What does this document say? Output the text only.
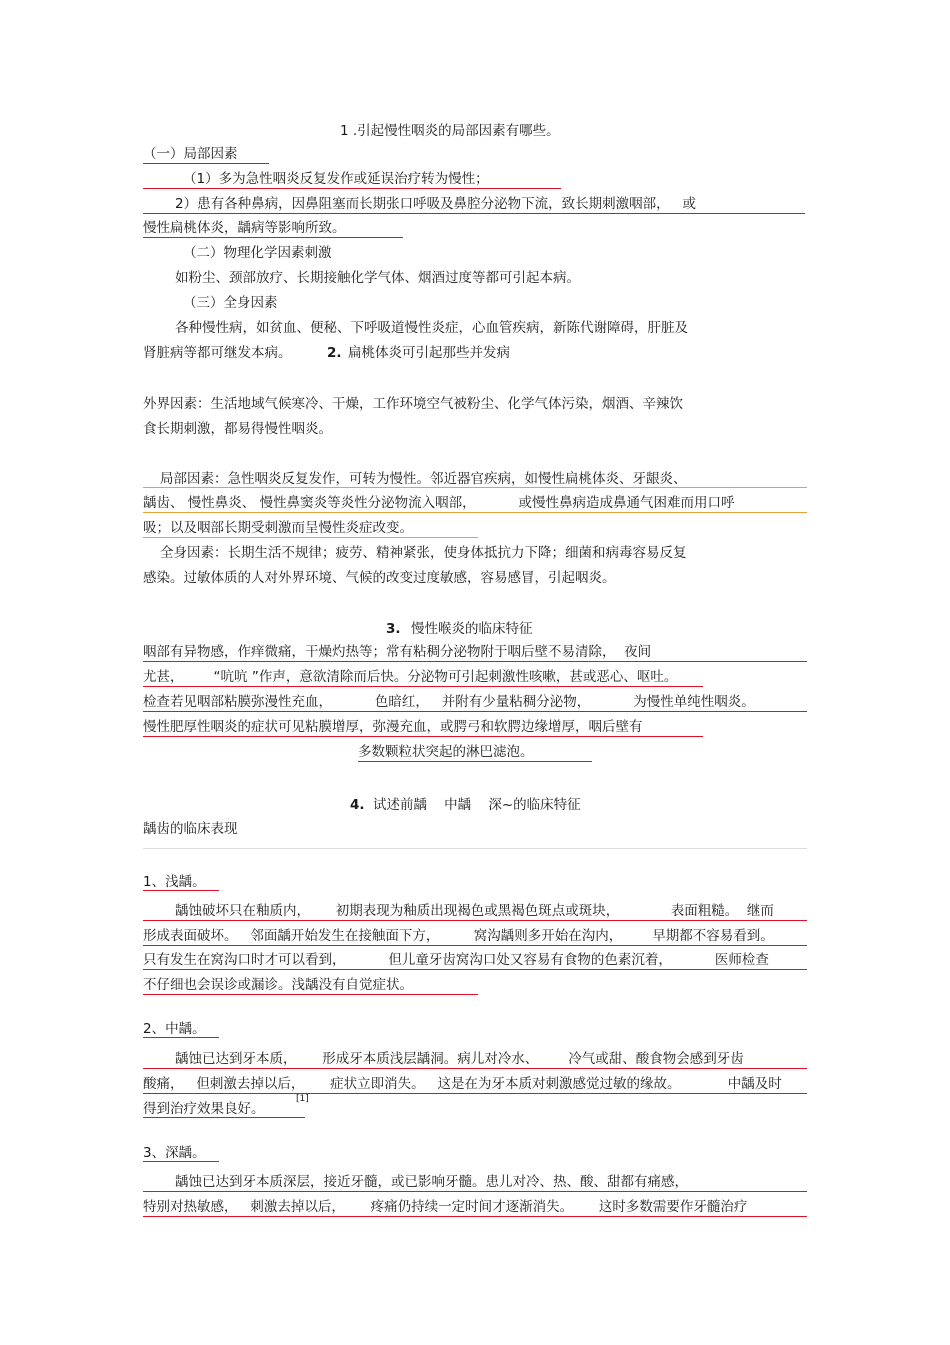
1 .引起慢性咽炎的局部因素有哪些。
（一）局部因素
（1）多为急性咽炎反复发作或延误治疗转为慢性；
2）患有各种鼻病，因鼻阻塞而长期张口呼吸及鼻腔分泌物下流，致长期刺激咽部，   或
慢性扁桃体炎，龋病等影响所致。
（二）物理化学因素刺激
如粉尘、颈部放疗、长期接触化学气体、烟酒过度等都可引起本病。
（三）全身因素
各种慢性病，如贫血、便秘、下呼吸道慢性炎症，心血管疾病，新陈代谢障碍，肝脏及
肾脏病等都可继发本病。	2. 扁桃体炎可引起那些并发病
外界因素：生活地域气候寒冷、干燥，工作环境空气被粉尘、化学气体污染，烟酒、辛辣饮
食长期刺激，都易得慢性咽炎。
局部因素：急性咽炎反复发作，可转为慢性。邻近器官疾病，如慢性扁桃体炎、牙龈炎、
龋齿、 慢性鼻炎、 慢性鼻窦炎等炎性分泌物流入咽部，          或慢性鼻病造成鼻通气困难而用口呼
吸；以及咽部长期受刺激而呈慢性炎症改变。
全身因素：长期生活不规律；疲劳、精神紧张，使身体抵抗力下降；细菌和病毒容易反复
感染。过敏体质的人对外界环境、气候的改变过度敏感，容易感冒，引起咽炎。
3. 慢性喉炎的临床特征
咽部有异物感，作痒微痛，干燥灼热等；常有粘稠分泌物附于咽后壁不易清除，  夜间
尤甚，       “吭吭 ”作声，意欲清除而后快。分泌物可引起刺激性咳嗽，甚或恶心、呕吐。
检查若见咽部粘膜弥漫性充血，          色暗红，   并附有少量粘稠分泌物，          为慢性单纯性咽炎。
慢性肥厚性咽炎的症状可见粘膜增厚，弥漫充血，或腭弓和软腭边缘增厚，咽后壁有
多数颗粒状突起的淋巴滤泡。
4. 试述前龋    中龋    深~的临床特征
龋齿的临床表现
1、浅龋。
龋蚀破坏只在釉质内，      初期表现为釉质出现褐色或黑褐色斑点或斑块，            表面粗糙。  继而
形成表面破坏。   邻面龋开始发生在接触面下方，        窝沟龋则多开始在沟内，       早期都不容易看到。
只有发生在窝沟口时才可以看到，          但儿童牙齿窝沟口处又容易有食物的色素沉着，          医师检查
不仔细也会误诊或漏诊。浅龋没有自觉症状。
2、中龋。
龋蚀已达到牙本质，      形成牙本质浅层龋洞。病儿对冷水、       冷气或甜、酸食物会感到牙齿
酸痛，   但刺激去掉以后，      症状立即消失。   这是在为牙本质对刺激感觉过敏的缘故。           中龋及时
得到治疗效果良好。
[1]
3、深龋。
龋蚀已达到牙本质深层，接近牙髓，或已影响牙髓。患儿对冷、热、酸、甜都有痛感，
特别对热敏感，   刺激去掉以后，      疼痛仍持续一定时间才逐渐消失。      这时多数需要作牙髓治疗
